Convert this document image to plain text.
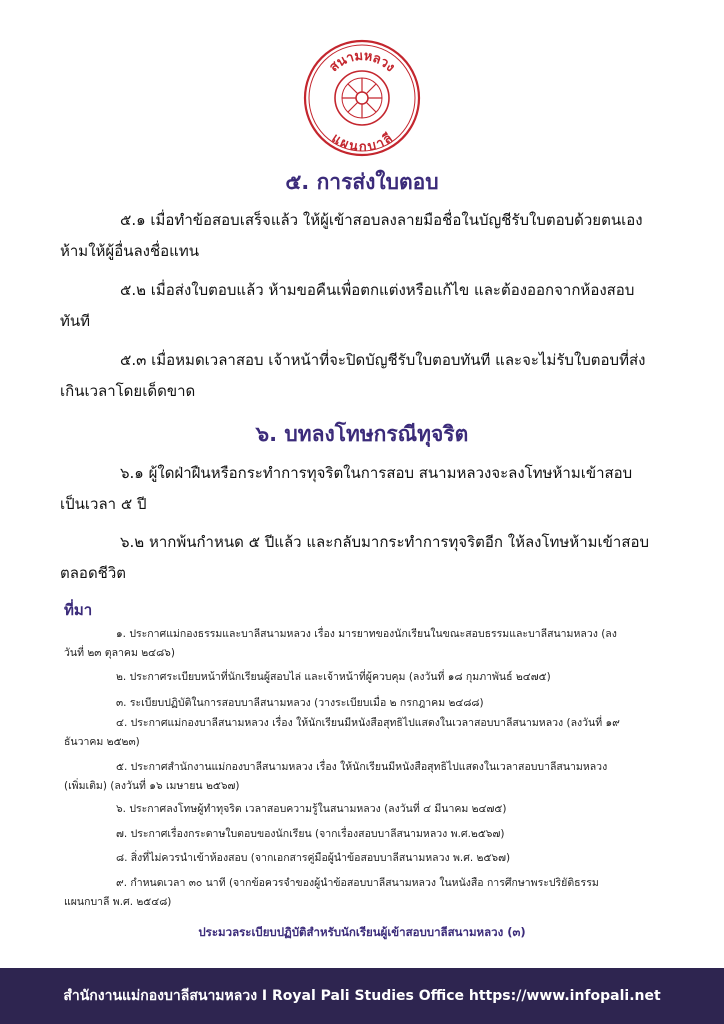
สนามหลวง
แผนกบาลี
๕. การส่งใบตอบ

๕.๑ เมื่อทำข้อสอบเสร็จแล้ว ให้ผู้เข้าสอบลงลายมือชื่อในบัญชีรับใบตอบด้วยตนเอง
ห้ามให้ผู้อื่นลงชื่อแทน

๕.๒ เมื่อส่งใบตอบแล้ว ห้ามขอคืนเพื่อตกแต่งหรือแก้ไข และต้องออกจากห้องสอบ
ทันที

๕.๓ เมื่อหมดเวลาสอบ เจ้าหน้าที่จะปิดบัญชีรับใบตอบทันที และจะไม่รับใบตอบที่ส่ง
เกินเวลาโดยเด็ดขาด

๖. บทลงโทษกรณีทุจริต

๖.๑ ผู้ใดฝ่าฝืนหรือกระทำการทุจริตในการสอบ สนามหลวงจะลงโทษห้ามเข้าสอบ
เป็นเวลา ๕ ปี

๖.๒ หากพ้นกำหนด ๕ ปีแล้ว และกลับมากระทำการทุจริตอีก ให้ลงโทษห้ามเข้าสอบ
ตลอดชีวิต

ที่มา

๑. ประกาศแม่กองธรรมและบาลีสนามหลวง เรื่อง มารยาทของนักเรียนในขณะสอบธรรมและบาลีสนามหลวง (ลง
วันที่ ๒๓ ตุลาคม ๒๔๘๖)

๒. ประกาศระเบียบหน้าที่นักเรียนผู้สอบไล่ และเจ้าหน้าที่ผู้ควบคุม (ลงวันที่ ๑๘ กุมภาพันธ์ ๒๔๗๕)

๓. ระเบียบปฏิบัติในการสอบบาลีสนามหลวง (วางระเบียบเมื่อ ๒ กรกฎาคม ๒๔๘๘)

๔. ประกาศแม่กองบาลีสนามหลวง เรื่อง ให้นักเรียนมีหนังสือสุทธิไปแสดงในเวลาสอบบาลีสนามหลวง (ลงวันที่ ๑๙
ธันวาคม ๒๕๒๓)

๕. ประกาศสำนักงานแม่กองบาลีสนามหลวง เรื่อง ให้นักเรียนมีหนังสือสุทธิไปแสดงในเวลาสอบบาลีสนามหลวง
(เพิ่มเติม) (ลงวันที่ ๑๖ เมษายน ๒๕๖๗)

๖. ประกาศลงโทษผู้ทำทุจริต เวลาสอบความรู้ในสนามหลวง (ลงวันที่ ๔ มีนาคม ๒๔๗๕)

๗. ประกาศเรื่องกระดาษใบตอบของนักเรียน (จากเรื่องสอบบาลีสนามหลวง พ.ศ.๒๕๖๗)

๘. สิ่งที่ไม่ควรนำเข้าห้องสอบ (จากเอกสารคู่มือผู้นำข้อสอบบาลีสนามหลวง พ.ศ. ๒๕๖๗)

๙. กำหนดเวลา ๓๐ นาที (จากข้อควรจำของผู้นำข้อสอบบาลีสนามหลวง ในหนังสือ การศึกษาพระปริยัติธรรม
แผนกบาลี พ.ศ. ๒๕๔๘)

ประมวลระเบียบปฏิบัติสำหรับนักเรียนผู้เข้าสอบบาลีสนามหลวง (๓)

สำนักงานแม่กองบาลีสนามหลวง I Royal Pali Studies Office https://www.infopali.net
